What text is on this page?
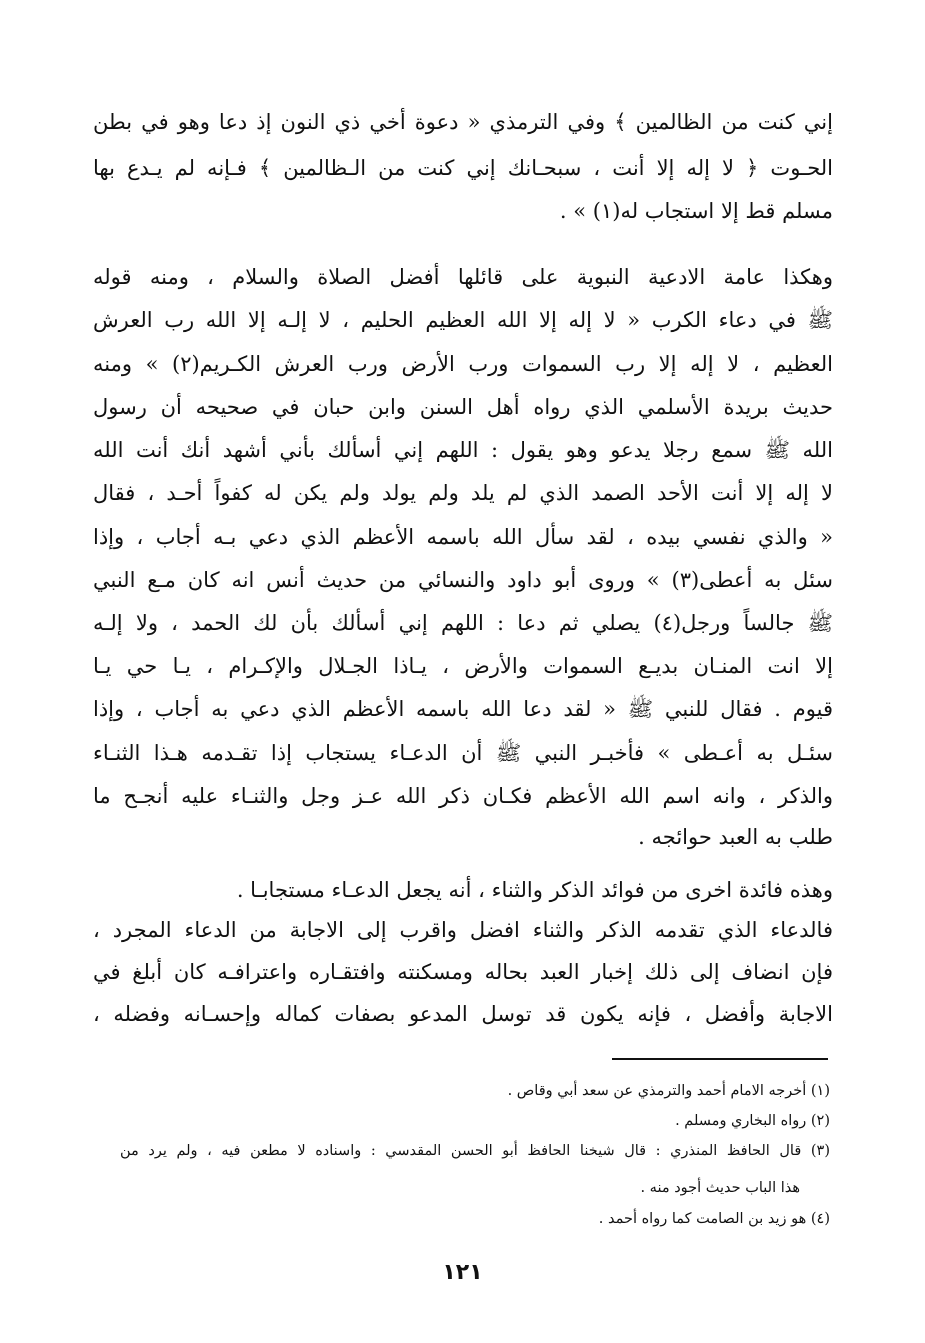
إني كنت من الظالمين ﴾ وفي الترمذي « دعوة أخي ذي النون إذ دعا وهو في بطن
الحـوت ﴿ لا إله إلا أنت ، سبحـانك إني كنت من الـظالمين ﴾ فـإنه لم يـدع بها
مسلم قط إلا استجاب له(١) » .
وهكذا عامة الادعية النبوية على قائلها أفضل الصلاة والسلام ، ومنه قوله
ﷺ في دعاء الكرب « لا إله إلا الله العظيم الحليم ، لا إلـه إلا الله رب العرش
العظيم ، لا إله إلا رب السموات ورب الأرض ورب العرش الكـريم(٢) » ومنه
حديث بريدة الأسلمي الذي رواه أهل السنن وابن حبان في صحيحه أن رسول
الله ﷺ سمع رجلا يدعو وهو يقول : اللهم إني أسألك بأني أشهد أنك أنت الله
لا إله إلا أنت الأحد الصمد الذي لم يلد ولم يولد ولم يكن له كفواً أحـد ، فقال
« والذي نفسي بيده ، لقد سأل الله باسمه الأعظم الذي دعي بـه أجاب ، وإذا
سئل به أعطى(٣) » وروى أبو داود والنسائي من حديث أنس انه كان مـع النبي
ﷺ جالساً ورجل(٤) يصلي ثم دعا : اللهم إني أسألك بأن لك الحمد ، ولا إلـه
إلا انت المنـان بديـع السموات والأرض ، يـاذا الجـلال والإكـرام ، يـا حي يـا
قيوم . فقال للنبي ﷺ « لقد دعا الله باسمه الأعظم الذي دعي به أجاب ، وإذا
سئـل به أعـطى » فأخبـر النبي ﷺ أن الدعـاء يستجاب إذا تقـدمه هـذا الثنـاء
والذكر ، وانه اسم الله الأعظم فكـان ذكر الله عـز وجل والثنـاء عليه أنجـح ما
طلب به العبد حوائجه .
وهذه فائدة اخرى من فوائد الذكر والثناء ، أنه يجعل الدعـاء مستجابـا .
فالدعاء الذي تقدمه الذكر والثناء افضل واقرب إلى الاجابة من الدعاء المجرد ،
فإن انضاف إلى ذلك إخبار العبد بحاله ومسكنته وافتقـاره واعترافـه كان أبلغ في
الاجابة وأفضل ، فإنه يكون قد توسل المدعو بصفات كماله وإحسـانه وفضله ،
(١) أخرجه الامام أحمد والترمذي عن سعد أبي وقاص .
(٢) رواه البخاري ومسلم .
(٣) قال الحافظ المنذري : قال شيخنا الحافظ أبو الحسن المقدسي : واسناده لا مطعن فيه ، ولم يرد من
هذا الباب حديث أجود منه .
(٤) هو زيد بن الصامت كما رواه أحمد .
١٢١
